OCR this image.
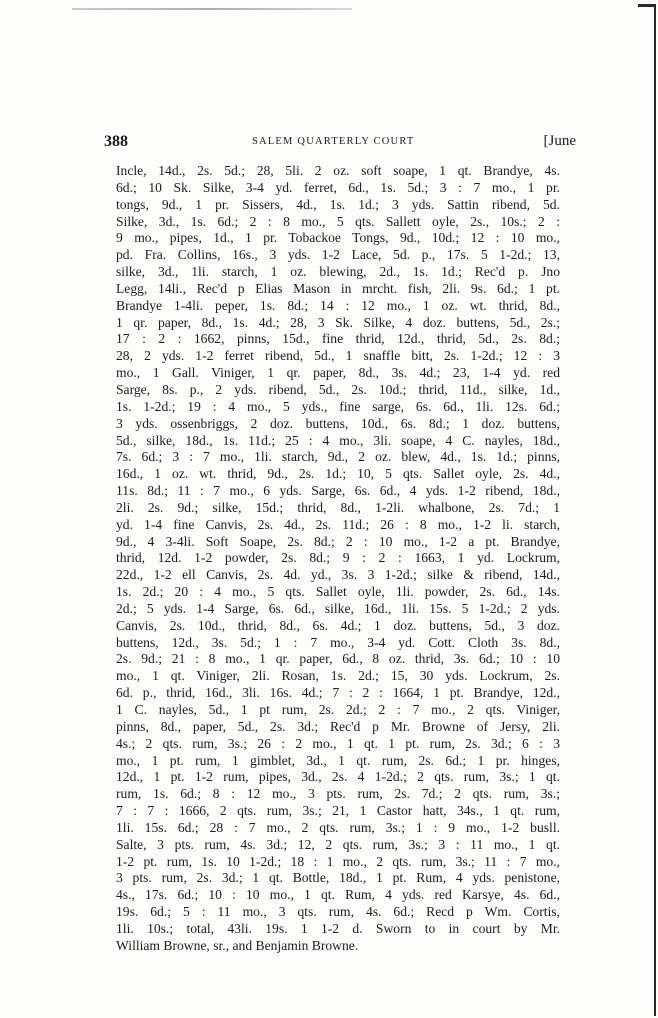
388	SALEM QUARTERLY COURT	[June
Incle, 14d., 2s. 5d.; 28, 5li. 2 oz. soft soape, 1 qt. Brandye, 4s.
6d.; 10 Sk. Silke, 3-4 yd. ferret, 6d., 1s. 5d.; 3 : 7 mo., 1 pr.
tongs, 9d., 1 pr. Sissers, 4d., 1s. 1d.; 3 yds. Sattin ribend, 5d.
Silke, 3d., 1s. 6d.; 2 : 8 mo., 5 qts. Sallett oyle, 2s., 10s.; 2 :
9 mo., pipes, 1d., 1 pr. Tobackoe Tongs, 9d., 10d.; 12 : 10 mo.,
pd. Fra. Collins, 16s., 3 yds. 1-2 Lace, 5d. p., 17s. 5 1-2d.; 13,
silke, 3d., 1li. starch, 1 oz. blewing, 2d., 1s. 1d.; Rec'd p. Jno
Legg, 14li., Rec'd p Elias Mason in mrcht. fish, 2li. 9s. 6d.; 1 pt.
Brandye 1-4li. peper, 1s. 8d.; 14 : 12 mo., 1 oz. wt. thrid, 8d.,
1 qr. paper, 8d., 1s. 4d.; 28, 3 Sk. Silke, 4 doz. buttens, 5d., 2s.;
17 : 2 : 1662, pinns, 15d., fine thrid, 12d., thrid, 5d., 2s. 8d.;
28, 2 yds. 1-2 ferret ribend, 5d., 1 snaffle bitt, 2s. 1-2d.; 12 : 3
mo., 1 Gall. Viniger, 1 qr. paper, 8d., 3s. 4d.; 23, 1-4 yd. red
Sarge, 8s. p., 2 yds. ribend, 5d., 2s. 10d.; thrid, 11d., silke, 1d.,
1s. 1-2d.; 19 : 4 mo., 5 yds., fine sarge, 6s. 6d., 1li. 12s. 6d.;
3 yds. ossenbriggs, 2 doz. buttens, 10d., 6s. 8d.; 1 doz. buttens,
5d., silke, 18d., 1s. 11d.; 25 : 4 mo., 3li. soape, 4 C. nayles, 18d.,
7s. 6d.; 3 : 7 mo., 1li. starch, 9d., 2 oz. blew, 4d., 1s. 1d.; pinns,
16d., 1 oz. wt. thrid, 9d., 2s. 1d.; 10, 5 qts. Sallet oyle, 2s. 4d.,
11s. 8d.; 11 : 7 mo., 6 yds. Sarge, 6s. 6d., 4 yds. 1-2 ribend, 18d.,
2li. 2s. 9d.; silke, 15d.; thrid, 8d., 1-2li. whalbone, 2s. 7d.; 1
yd. 1-4 fine Canvis, 2s. 4d., 2s. 11d.; 26 : 8 mo., 1-2 li. starch,
9d., 4 3-4li. Soft Soape, 2s. 8d.; 2 : 10 mo., 1-2 a pt. Brandye,
thrid, 12d. 1-2 powder, 2s. 8d.; 9 : 2 : 1663, 1 yd. Lockrum,
22d., 1-2 ell Canvis, 2s. 4d. yd., 3s. 3 1-2d.; silke & ribend, 14d.,
1s. 2d.; 20 : 4 mo., 5 qts. Sallet oyle, 1li. powder, 2s. 6d., 14s.
2d.; 5 yds. 1-4 Sarge, 6s. 6d., silke, 16d., 1li. 15s. 5 1-2d.; 2 yds.
Canvis, 2s. 10d., thrid, 8d., 6s. 4d.; 1 doz. buttens, 5d., 3 doz.
buttens, 12d., 3s. 5d.; 1 : 7 mo., 3-4 yd. Cott. Cloth 3s. 8d.,
2s. 9d.; 21 : 8 mo., 1 qr. paper, 6d., 8 oz. thrid, 3s. 6d.; 10 : 10
mo., 1 qt. Viniger, 2li. Rosan, 1s. 2d.; 15, 30 yds. Lockrum, 2s.
6d. p., thrid, 16d., 3li. 16s. 4d.; 7 : 2 : 1664, 1 pt. Brandye, 12d.,
1 C. nayles, 5d., 1 pt rum, 2s. 2d.; 2 : 7 mo., 2 qts. Viniger,
pinns, 8d., paper, 5d., 2s. 3d.; Rec'd p Mr. Browne of Jersy, 2li.
4s.; 2 qts. rum, 3s.; 26 : 2 mo., 1 qt. 1 pt. rum, 2s. 3d.; 6 : 3
mo., 1 pt. rum, 1 gimblet, 3d., 1 qt. rum, 2s. 6d.; 1 pr. hinges,
12d., 1 pt. 1-2 rum, pipes, 3d., 2s. 4 1-2d.; 2 qts. rum, 3s.; 1 qt.
rum, 1s. 6d.; 8 : 12 mo., 3 pts. rum, 2s. 7d.; 2 qts. rum, 3s.;
7 : 7 : 1666, 2 qts. rum, 3s.; 21, 1 Castor hatt, 34s., 1 qt. rum,
1li. 15s. 6d.; 28 : 7 mo., 2 qts. rum, 3s.; 1 : 9 mo., 1-2 busll.
Salte, 3 pts. rum, 4s. 3d.; 12, 2 qts. rum, 3s.; 3 : 11 mo., 1 qt.
1-2 pt. rum, 1s. 10 1-2d.; 18 : 1 mo., 2 qts. rum, 3s.; 11 : 7 mo.,
3 pts. rum, 2s. 3d.; 1 qt. Bottle, 18d., 1 pt. Rum, 4 yds. penistone,
4s., 17s. 6d.; 10 : 10 mo., 1 qt. Rum, 4 yds. red Karsye, 4s. 6d.,
19s. 6d.; 5 : 11 mo., 3 qts. rum, 4s. 6d.; Recd p Wm. Cortis,
1li. 10s.; total, 43li. 19s. 1 1-2 d. Sworn to in court by Mr.
William Browne, sr., and Benjamin Browne.
